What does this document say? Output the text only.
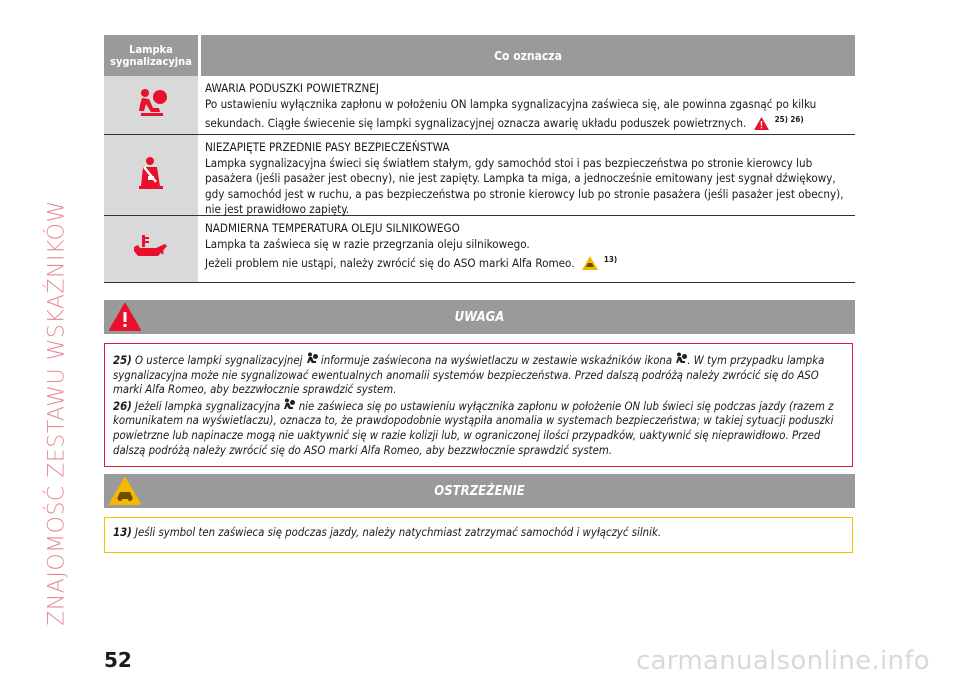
ZNAJOMOŚĆ ZESTAWU WSKAŹNIKÓW
Lampka sygnalizacyjna	Co oznacza
AWARIA PODUSZKI POWIETRZNEJ
Po ustawieniu wyłącznika zapłonu w położeniu ON lampka sygnalizacyjna zaświeca się, ale powinna zgasnąć po kilku sekundach. Ciągłe świecenie się lampki sygnalizacyjnej oznacza awarię układu poduszek powietrznych.	$^{25) 26)}$
NIEZAPIĘTE PRZEDNIE PASY BEZPIECZEŃSTWA
Lampka sygnalizacyjna świeci się światłem stałym, gdy samochód stoi i pas bezpieczeństwa po stronie kierowcy lub pasażera (jeśli pasażer jest obecny), nie jest zapięty. Lampka ta miga, a jednocześnie emitowany jest sygnał dźwiękowy, gdy samochód jest w ruchu, a pas bezpieczeństwa po stronie kierowcy lub po stronie pasażera (jeśli pasażer jest obecny), nie jest prawidłowo zapięty.
NADMIERNA TEMPERATURA OLEJU SILNIKOWEGO
Lampka ta zaświeca się w razie przegrzania oleju silnikowego.
Jeżeli problem nie ustąpi, należy zwrócić się do ASO marki Alfa Romeo.	$^{13)}$
UWAGA
25) O usterce lampki sygnalizacyjnej informuje zaświecona na wyświetlaczu w zestawie wskaźników ikona . W tym przypadku lampka sygnalizacyjna może nie sygnalizować ewentualnych anomalii systemów bezpieczeństwa. Przed dalszą podróżą należy zwrócić się do ASO marki Alfa Romeo, aby bezzwłocznie sprawdzić system.
26) Jeżeli lampka sygnalizacyjna nie zaświeca się po ustawieniu wyłącznika zapłonu w położenie ON lub świeci się podczas jazdy (razem z komunikatem na wyświetlaczu), oznacza to, że prawdopodobnie wystąpiła anomalia w systemach bezpieczeństwa; w takiej sytuacji poduszki powietrzne lub napinacze mogą nie uaktywnić się w razie kolizji lub, w ograniczonej ilości przypadków, uaktywnić się nieprawidłowo. Przed dalszą podróżą należy zwrócić się do ASO marki Alfa Romeo, aby bezzwłocznie sprawdzić system.
OSTRZEŻENIE
13) Jeśli symbol ten zaświeca się podczas jazdy, należy natychmiast zatrzymać samochód i wyłączyć silnik.
52	carmanualsonline.info
